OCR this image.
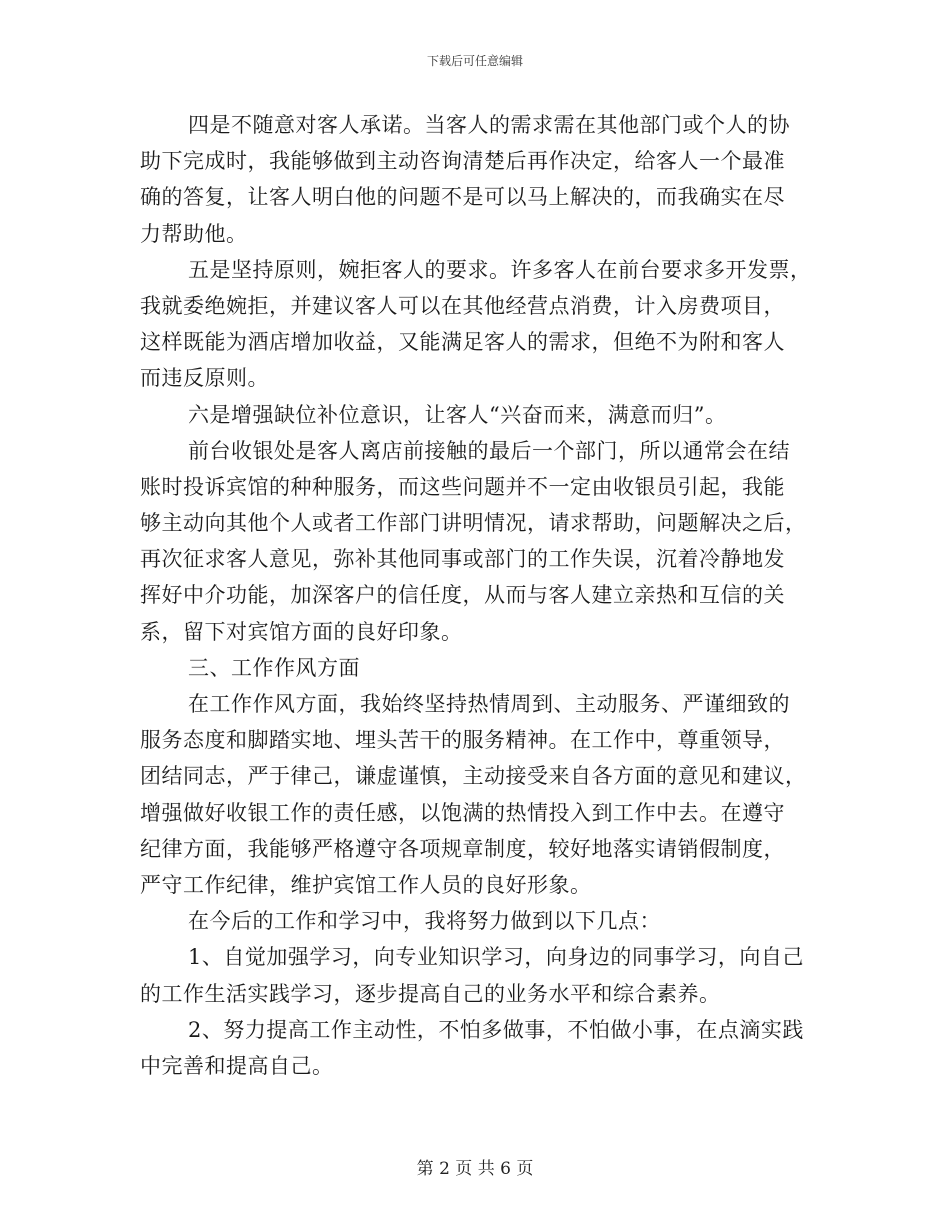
下载后可任意编辑
四是不随意对客人承诺。当客人的需求需在其他部门或个人的协
助下完成时，我能够做到主动咨询清楚后再作决定，给客人一个最准
确的答复，让客人明白他的问题不是可以马上解决的，而我确实在尽
力帮助他。
五是坚持原则，婉拒客人的要求。许多客人在前台要求多开发票，
我就委绝婉拒，并建议客人可以在其他经营点消费，计入房费项目，
这样既能为酒店增加收益，又能满足客人的需求，但绝不为附和客人
而违反原则。
六是增强缺位补位意识，让客人“兴奋而来，满意而归”。
前台收银处是客人离店前接触的最后一个部门，所以通常会在结
账时投诉宾馆的种种服务，而这些问题并不一定由收银员引起，我能
够主动向其他个人或者工作部门讲明情况，请求帮助，问题解决之后，
再次征求客人意见，弥补其他同事或部门的工作失误，沉着冷静地发
挥好中介功能，加深客户的信任度，从而与客人建立亲热和互信的关
系，留下对宾馆方面的良好印象。
三、工作作风方面
在工作作风方面，我始终坚持热情周到、主动服务、严谨细致的
服务态度和脚踏实地、埋头苦干的服务精神。在工作中，尊重领导，
团结同志，严于律己，谦虚谨慎，主动接受来自各方面的意见和建议，
增强做好收银工作的责任感，以饱满的热情投入到工作中去。在遵守
纪律方面，我能够严格遵守各项规章制度，较好地落实请销假制度，
严守工作纪律，维护宾馆工作人员的良好形象。
在今后的工作和学习中，我将努力做到以下几点：
1、自觉加强学习，向专业知识学习，向身边的同事学习，向自己
的工作生活实践学习，逐步提高自己的业务水平和综合素养。
2、努力提高工作主动性，不怕多做事，不怕做小事，在点滴实践
中完善和提高自己。
第 2 页 共 6 页
